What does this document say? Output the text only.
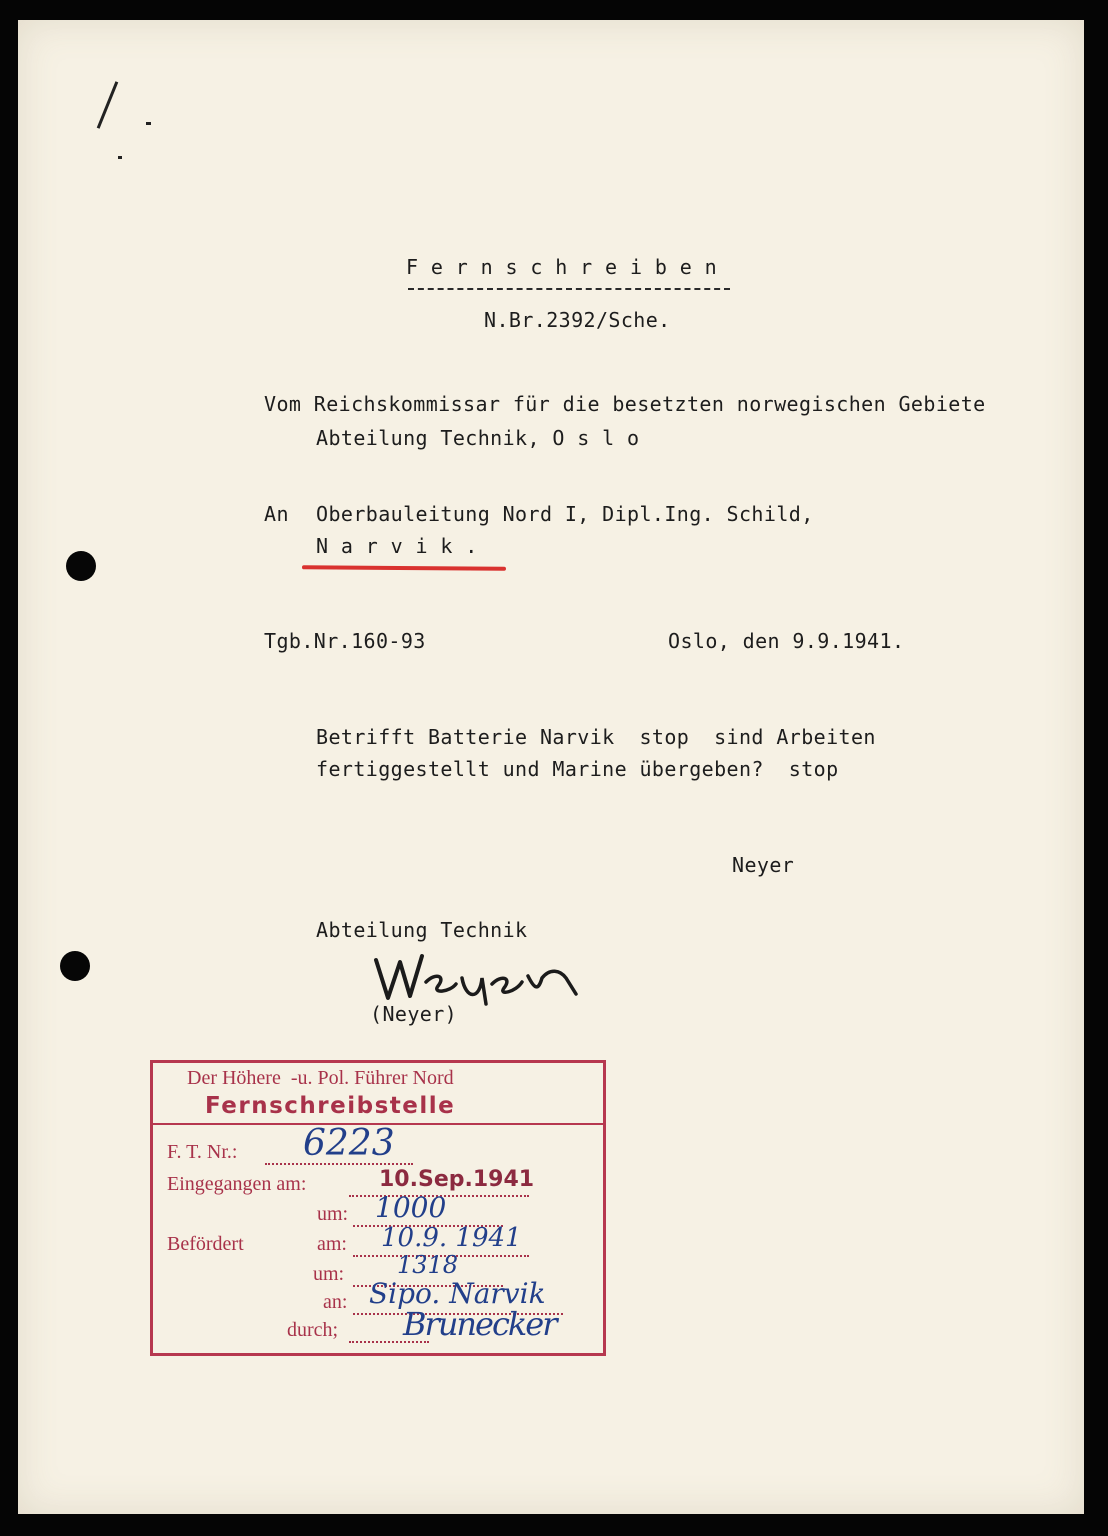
F e r n s c h r e i b e n
N.Br.2392/Sche.
Vom Reichskommissar für die besetzten norwegischen Gebiete
Abteilung Technik, O s l o
An Oberbauleitung Nord I, Dipl.Ing. Schild,
N a r v i k .
Tgb.Nr.160-93	Oslo, den 9.9.1941.
Betrifft Batterie Narvik  stop  sind Arbeiten
fertiggestellt und Marine übergeben?  stop
Neyer
Abteilung Technik
(Neyer)
Der Höhere  -u. Pol. Führer Nord
Fernschreibstelle
F. T. Nr.: 6223
Eingegangen am:	10.Sep.1941
um: 1000
Befördert	am: 10.9. 1941
um: 1318
an: Sipo. Narvik
durch; Brunecker
